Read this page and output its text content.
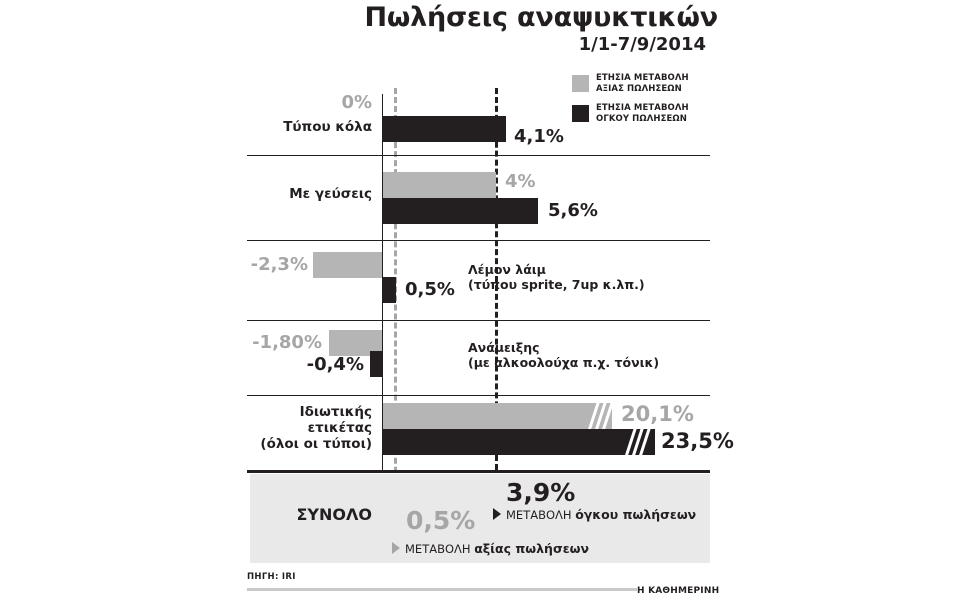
Πωλήσεις αναψυκτικών
1/1-7/9/2014
ΕΤΗΣΙΑ ΜΕΤΑΒΟΛΗ
ΑΞΙΑΣ ΠΩΛΗΣΕΩΝ
ΕΤΗΣΙΑ ΜΕΤΑΒΟΛΗ
ΟΓΚΟΥ ΠΩΛΗΣΕΩΝ
0%
Τύπου κόλα	4,1%
4%
Με γεύσεις
5,6%
-2,3%
0,5%
Λέμον λάιμ
(τύπου sprite, 7up κ.λπ.)
-1,80%
-0,4%
Ανάμειξης
(με αλκοολούχα π.χ. τόνικ)
20,1%
23,5%
Ιδιωτικής
ετικέτας
(όλοι οι τύποι)
ΣΥΝΟΛΟ
3,9%
ΜΕΤΑΒΟΛΗ όγκου πωλήσεων
0,5%
ΜΕΤΑΒΟΛΗ αξίας πωλήσεων
ΠΗΓΗ: IRI
Η ΚΑΘΗΜΕΡΙΝΗ
